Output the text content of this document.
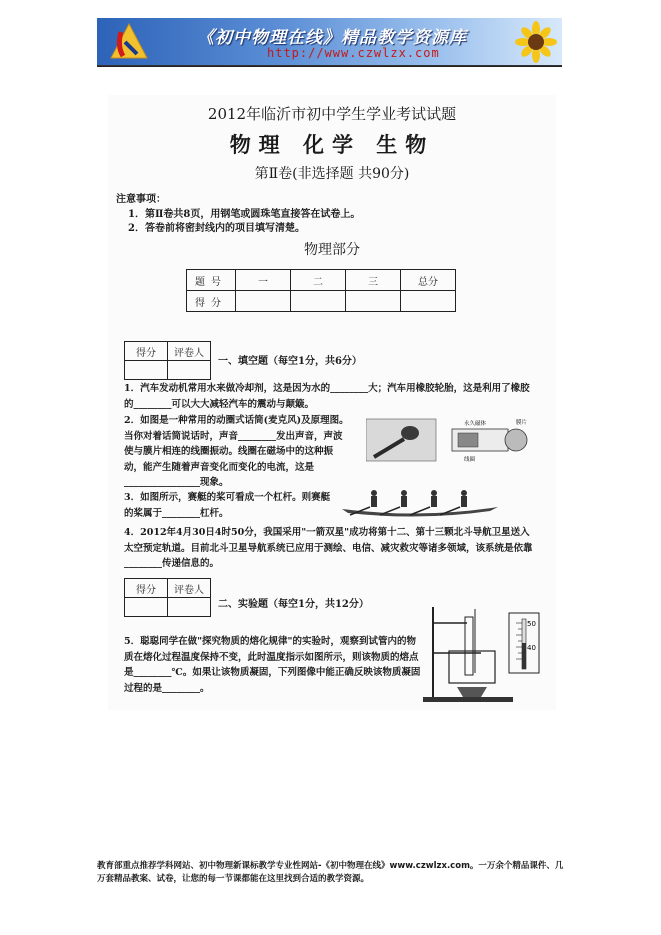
《初中物理在线》精品教学资源库
http://www.czwlzx.com
2012年临沂市初中学生学业考试试题
物理 化学 生物
第Ⅱ卷(非选择题 共90分)
注意事项：
1．第Ⅱ卷共8页，用钢笔或圆珠笔直接答在试卷上。
2．答卷前将密封线内的项目填写清楚。
物理部分
题号	一	二	三	总分
得分				
得分	评卷人

一、填空题（每空1分，共6分）
1．汽车发动机常用水来做冷却剂，这是因为水的________大；汽车用橡胶轮胎，这是利用了橡胶的________可以大大减轻汽车的震动与颠簸。
2．如图是一种常用的动圈式话筒(麦克风)及原理图。当你对着话筒说话时，声音________发出声音，声波使与膜片相连的线圈振动。线圈在磁场中的这种振动，能产生随着声音变化而变化的电流，这是________________现象。
永久磁体	膜片
线圈
3．如图所示，赛艇的桨可看成一个杠杆。则赛艇的桨属于________杠杆。
4．2012年4月30日4时50分，我国采用"一箭双星"成功将第十二、第十三颗北斗导航卫星送入太空预定轨道。目前北斗卫星导航系统已应用于测绘、电信、减灾救灾等诸多领域，该系统是依靠________传递信息的。
得分	评卷人

二、实验题（每空1分，共12分）
5．聪聪同学在做"探究物质的熔化规律"的实验时，观察到试管内的物质在熔化过程温度保持不变，此时温度指示如图所示，则该物质的熔点是________℃。如果让该物质凝固，下列图像中能正确反映该物质凝固过程的是________。
50
40
教育部重点推荐学科网站、初中物理新课标教学专业性网站-《初中物理在线》www.czwlzx.com。一万余个精品课件、几万套精品教案、试卷，让您的每一节课都能在这里找到合适的教学资源。
